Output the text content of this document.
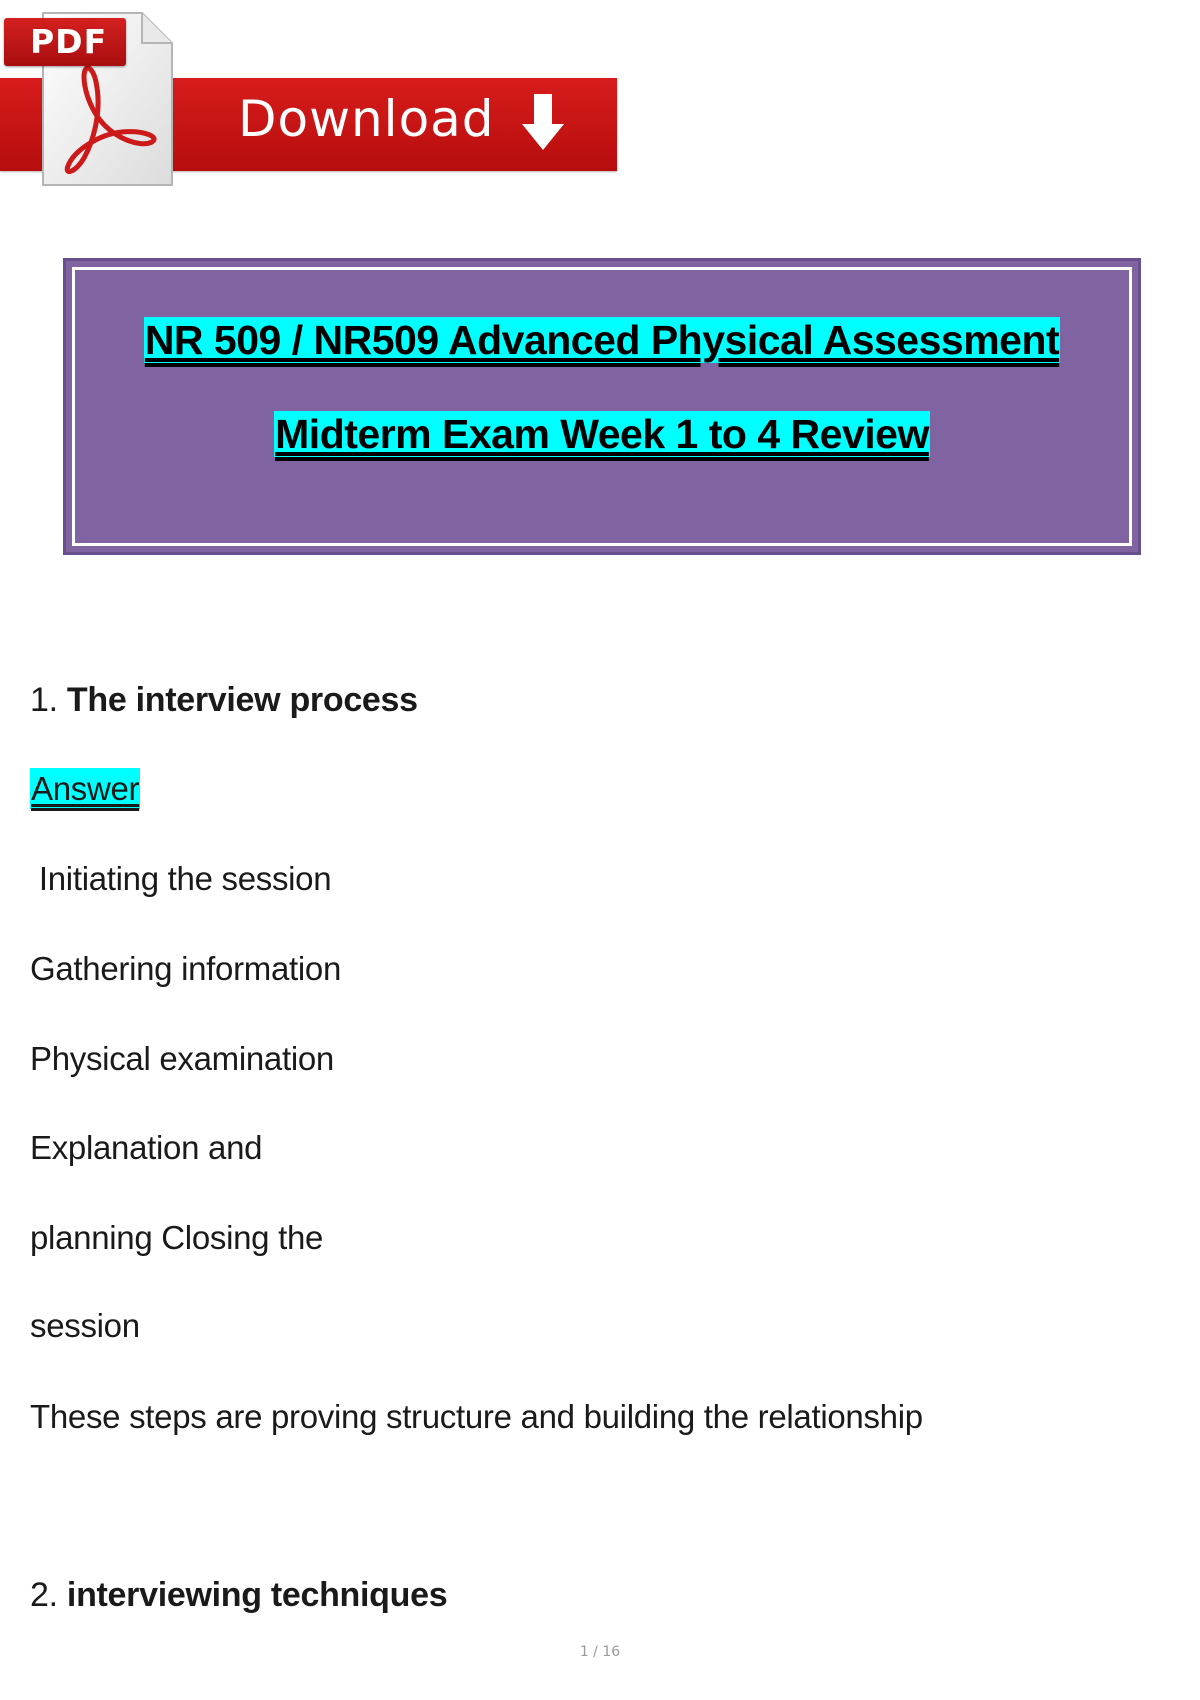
PDF
Download
NR 509 / NR509 Advanced Physical Assessment
Midterm Exam Week 1 to 4 Review
1. The interview process
Answer
Initiating the session
Gathering information
Physical examination
Explanation and
planning Closing the
session
These steps are proving structure and building the relationship
2. interviewing techniques
1 / 16
